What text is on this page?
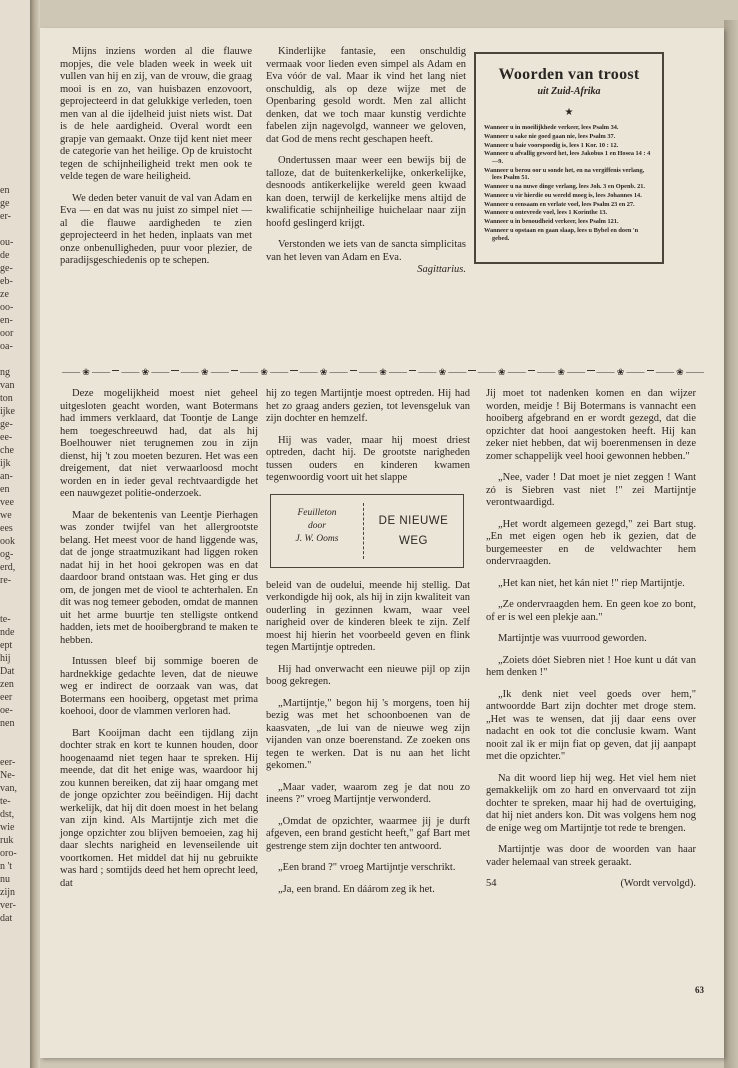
en
ge
er-
ou-
de
ge-
eb-
ze
oo-
en-
oor
oa-
ng
van
ton
ijke
ge-
ee-
che
ijk
an-
en
vee
we
ees
ook
og-
erd,
re-
te-
nde
ept
hij
Dat
zen
eer
oe-
nen
eer-
Ne-
van,
te-
dst,
wie
ruk
oro-
n 't
nu
zijn
ver-
dat

Mijns inziens worden al die flauwe mopjes, die vele bladen week in week uit vullen van hij en zij, van de vrouw, die graag mooi is en zo, van huisbazen enzovoort, geprojecteerd in dat gelukkige verleden, toen men van al die ijdelheid juist niets wist. Dat is de hele aardigheid. Overal wordt een grapje van gemaakt. Onze tijd kent niet meer de categorie van het heilige. Op de kruistocht tegen de schijnheiligheid trekt men ook te velde tegen de ware heiligheid.

We deden beter vanuit de val van Adam en Eva — en dat was nu juist zo simpel niet — al die flauwe aardigheden te zien geprojecteerd in het heden, inplaats van met onze onbenulligheden, puur voor plezier, de paradijsgeschiedenis op te schepen.

Kinderlijke fantasie, een onschuldig vermaak voor lieden even simpel als Adam en Eva vóór de val. Maar ik vind het lang niet onschuldig, als op deze wijze met de Openbaring gesold wordt. Men zal allicht denken, dat we toch maar kunstig verdichte fabelen zijn nagevolgd, wanneer we geloven, dat God de mens recht geschapen heeft.

Ondertussen maar weer een bewijs bij de talloze, dat de buitenkerkelijke, onkerkelijke, desnoods antikerkelijke wereld geen kwaad kan doen, terwijl de kerkelijke mens altijd de kwalificatie schijnheilige huichelaar naar zijn hoofd geslingerd krijgt.

Verstonden we iets van de sancta simplicitas van het leven van Adam en Eva.

Sagittarius.
Woorden van troost
uit Zuid-Afrika
★
Wanneer u in moeilijkhede verkeer, lees Psalm 34.
Wanneer u sake nie goed gaan nie, lees Psalm 37.
Wanneer u baie voorspoedig is, lees 1 Kor. 10 : 12.
Wanneer u afvallig geword het, lees Jakobus 1 en Hosea 14 : 4—9.
Wanneer u berou oor u sonde het, en na vergiffenis verlang, lees Psalm 51.
Wanneer u na nuwe dinge verlang, lees Joh. 3 en Openb. 21.
Wanneer u vir hierdie ou wereld moeg is, lees Johannes 14.
Wanneer u eensaam en verlate voel, lees Psalm 23 en 27.
Wanneer u ontevrede voel, lees 1 Korinthe 13.
Wanneer u in benoudheid verkeer, lees Psalm 121.
Wanneer u opstaan en gaan slaap, lees u Bybel en doen 'n gebed.
—— ❀ —— —— ❀ —— —— ❀ —— —— ❀ —— —— ❀ —— —— ❀ —— —— ❀ —— —— ❀ —— —— ❀ —— —— ❀ —— —— ❀ ——

Deze mogelijkheid moest niet geheel uitgesloten geacht worden, want Botermans had immers verklaard, dat Toontje de Lange hem toegeschreeuwd had, dat als hij Boelhouwer niet terugnemen zou in zijn dienst, hij 't zou moeten bezuren. Het was een dreigement, dat niet verwaarloosd mocht worden en in ieder geval rechtvaardigde het een nauwgezet politie-onderzoek.

Maar de bekentenis van Leentje Pierhagen was zonder twijfel van het allergrootste belang. Het meest voor de hand liggende was, dat de jonge straatmuzikant had liggen roken nadat hij in het hooi gekropen was en dat daardoor brand ontstaan was. Het ging er dus om, de jongen met de viool te achterhalen. En dit was nog temeer geboden, omdat de mannen uit het arme buurtje ten stelligste ontkend hadden, iets met de hooibergbrand te maken te hebben.

Intussen bleef bij sommige boeren de hardnekkige gedachte leven, dat de nieuwe weg er indirect de oorzaak van was, dat Botermans een hooiberg, opgetast met prima koehooi, door de vlammen verloren had.

Bart Kooijman dacht een tijdlang zijn dochter strak en kort te kunnen houden, door hoogenaamd niet tegen haar te spreken. Hij meende, dat dit het enige was, waardoor hij zou kunnen bereiken, dat zij haar omgang met de jonge opzichter zou beëindigen. Hij dacht werkelijk, dat hij dit doen moest in het belang van zijn kind. Als Martijntje zich met die jonge opzichter zou blijven bemoeien, zag hij daar slechts narigheid en levenseilende uit voortkomen. Het middel dat hij nu gebruikte was hard ; somtijds deed het hem oprecht leed, dat

hij zo tegen Martijntje moest optreden. Hij had het zo graag anders gezien, tot levensgeluk van zijn dochter en hemzelf.

Hij was vader, maar hij moest driest optreden, dacht hij. De grootste narigheden tussen ouders en kinderen kwamen tegenwoordig voort uit het slappe

Feuilleton
door
J. W. Ooms
DE NIEUWE
WEG

beleid van de oudelui, meende hij stellig. Dat verkondigde hij ook, als hij in zijn kwaliteit van ouderling in gezinnen kwam, waar veel narigheid over de kinderen bleek te zijn. Zelf moest hij hierin het voorbeeld geven en flink tegen Martijntje optreden.

Hij had onverwacht een nieuwe pijl op zijn boog gekregen.

„Martijntje," begon hij 's morgens, toen hij bezig was met het schoonboenen van de kaasvaten, „de lui van de nieuwe weg zijn vijanden van onze boerenstand. Ze zoeken ons tegen te werken. Dat is nu aan het licht gekomen."

„Maar vader, waarom zeg je dat nou zo ineens ?" vroeg Martijntje verwonderd.

„Omdat de opzichter, waarmee jij je durft afgeven, een brand gesticht heeft," gaf Bart met gestrenge stem zijn dochter ten antwoord.

„Een brand ?" vroeg Martijntje verschrikt.

„Ja, een brand. En dáárom zeg ik het.

Jij moet tot nadenken komen en dan wijzer worden, meidje ! Bij Botermans is vannacht een hooiberg afgebrand en er wordt gezegd, dat die opzichter dat hooi aangestoken heeft. Hij kan zeker niet hebben, dat wij boerenmensen in deze zomer schappelijk veel hooi gewonnen hebben."

„Nee, vader ! Dat moet je niet zeggen ! Want zó is Siebren vast niet !" zei Martijntje verontwaardigd.

„Het wordt algemeen gezegd," zei Bart stug. „En met eigen ogen heb ik gezien, dat de burgemeester en de veldwachter hem ondervraagden.

„Het kan niet, het kán niet !" riep Martijntje.

„Ze ondervraagden hem. En geen koe zo bont, of er is wel een plekje aan."

Martijntje was vuurrood geworden.

„Zoiets dóet Siebren niet ! Hoe kunt u dát van hem denken !"

„Ik denk niet veel goeds over hem," antwoordde Bart zijn dochter met droge stem. „Het was te wensen, dat jij daar eens over nadacht en ook tot die conclusie kwam. Want nooit zal ik er mijn fiat op geven, dat jij aanpapt met die opzichter."

Na dit woord liep hij weg. Het viel hem niet gemakkelijk om zo hard en onvervaard tot zijn dochter te spreken, maar hij had de overtuiging, dat hij niet anders kon. Dit was volgens hem nog de enige weg om Martijntje tot rede te brengen.

Martijntje was door de woorden van haar vader helemaal van streek geraakt.

54	(Wordt vervolgd).
63
